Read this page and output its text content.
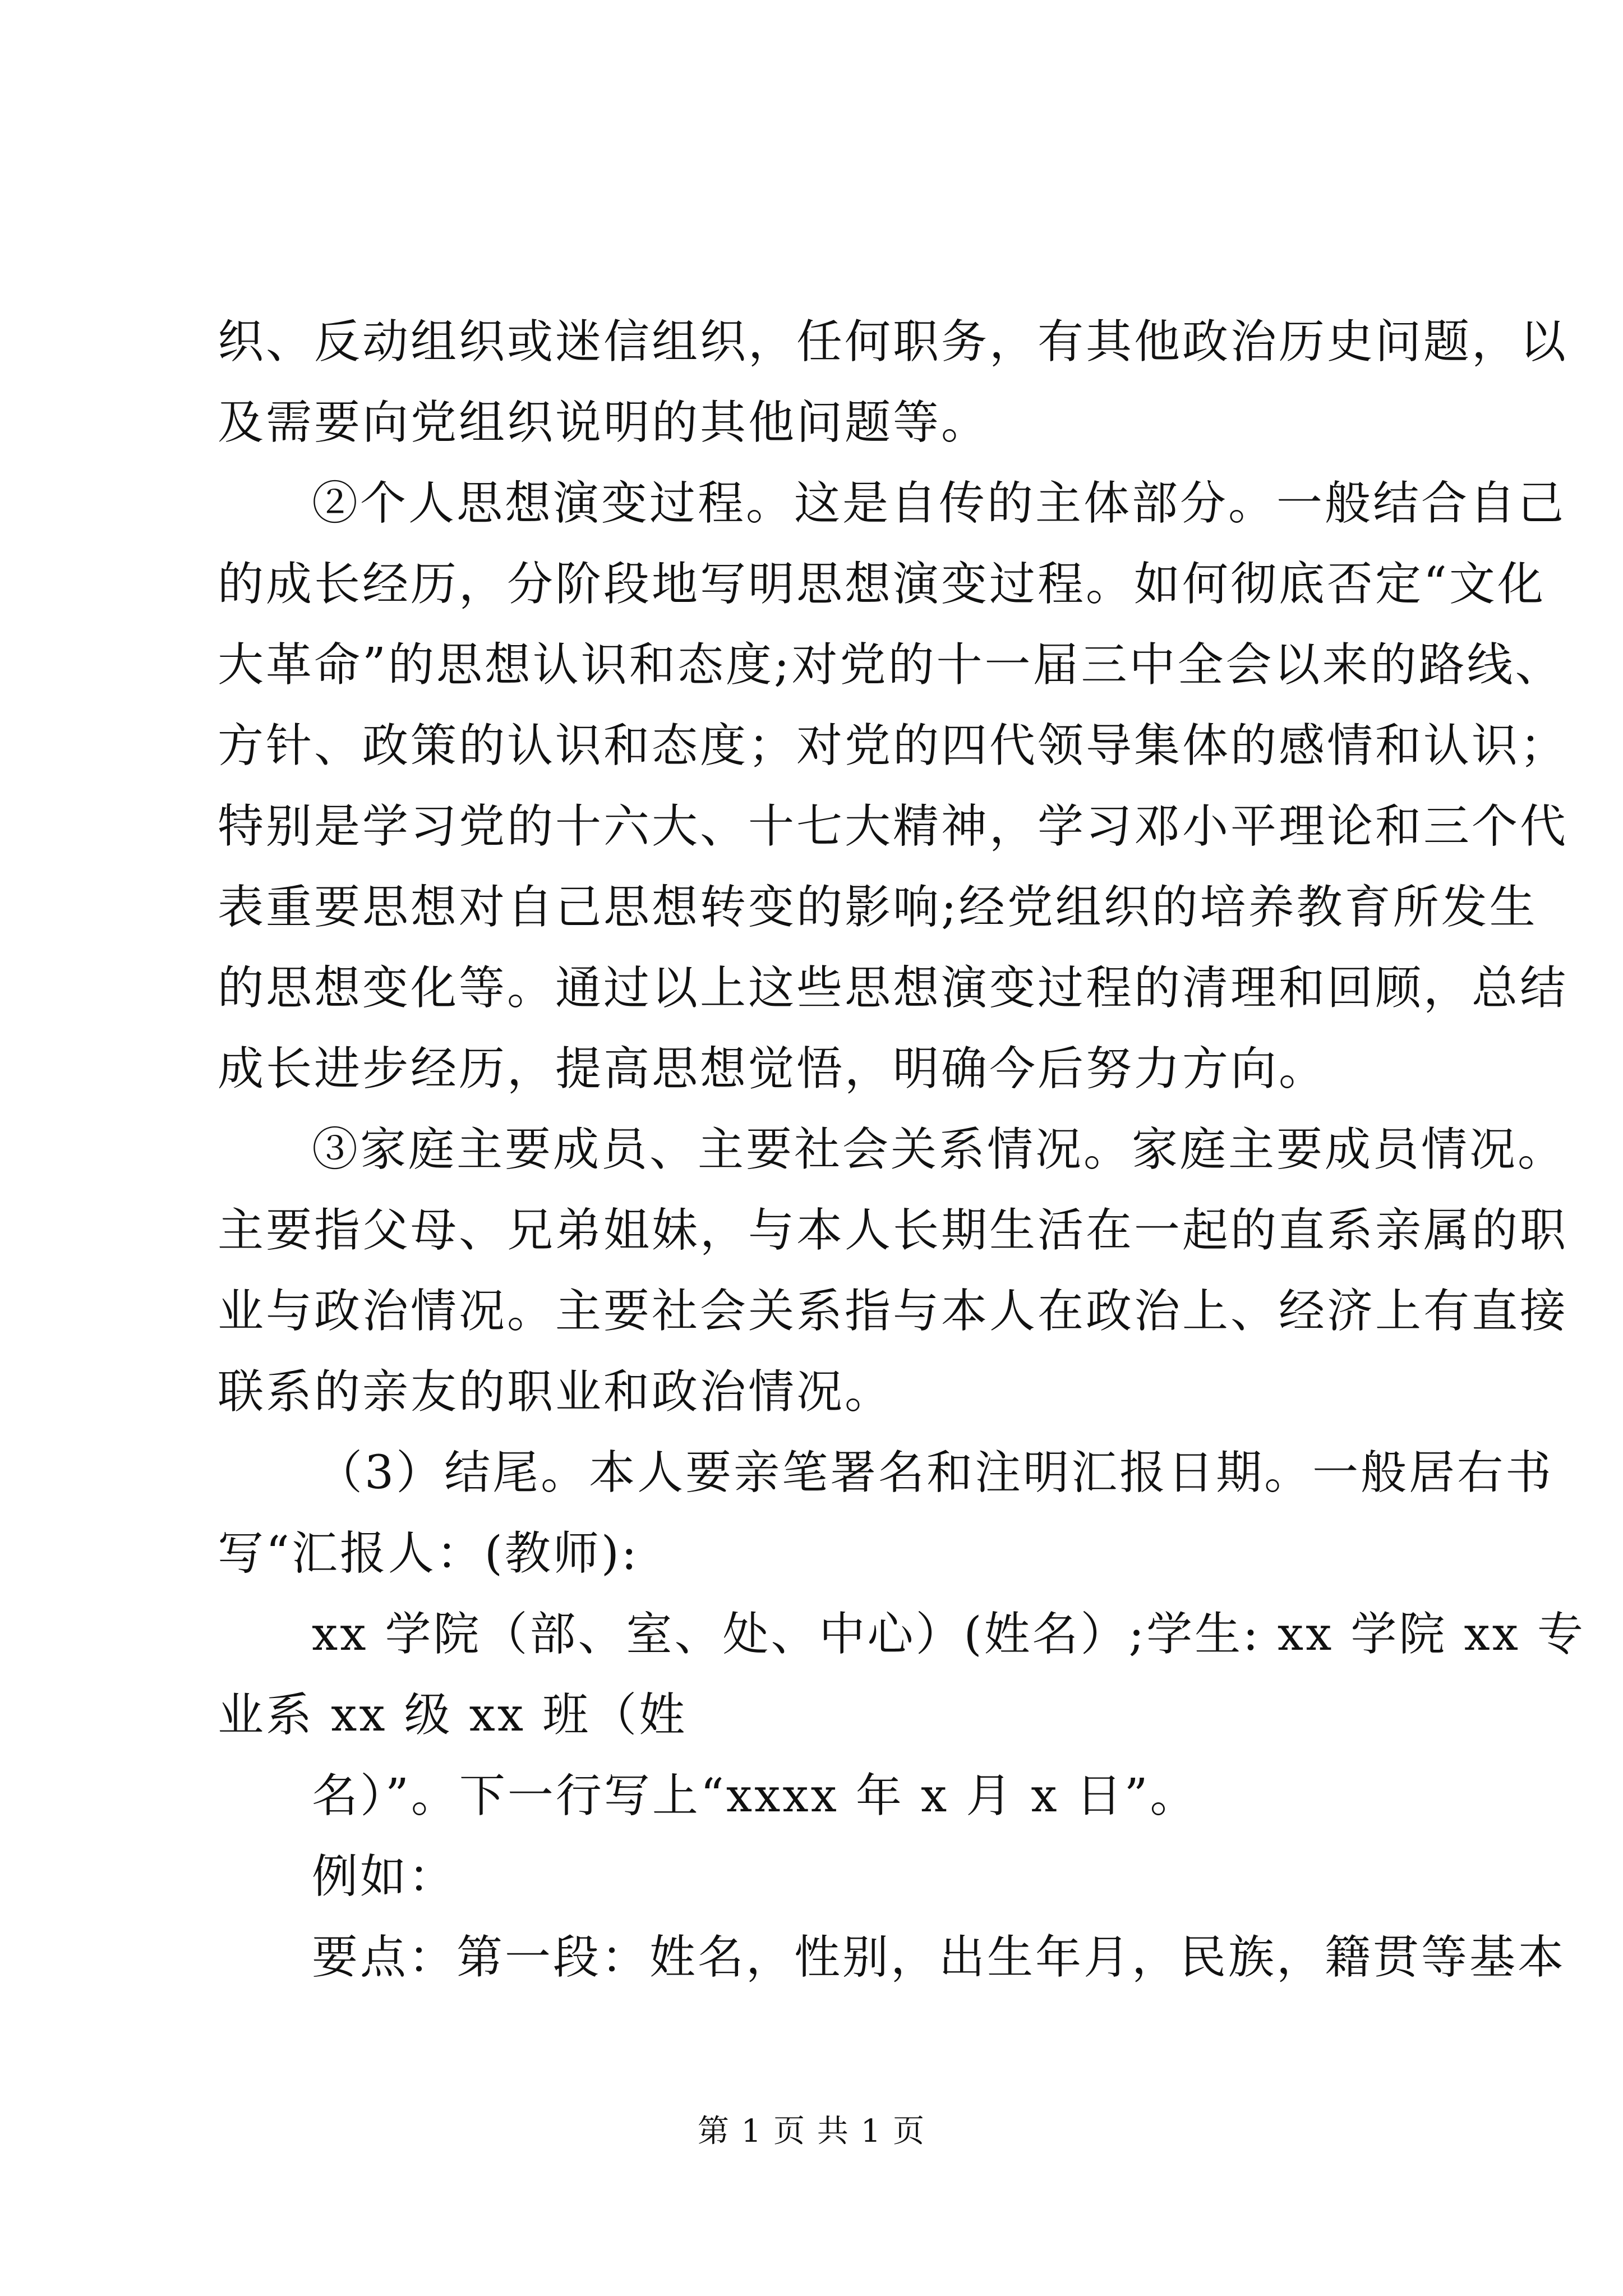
织、反动组织或迷信组织，任何职务，有其他政治历史问题，以
及需要向党组织说明的其他问题等。
②个人思想演变过程。这是自传的主体部分。一般结合自己
的成长经历，分阶段地写明思想演变过程。如何彻底否定“文化
大革命”的思想认识和态度;对党的十一届三中全会以来的路线、
方针、政策的认识和态度；对党的四代领导集体的感情和认识；
特别是学习党的十六大、十七大精神，学习邓小平理论和三个代
表重要思想对自己思想转变的影响;经党组织的培养教育所发生
的思想变化等。通过以上这些思想演变过程的清理和回顾，总结
成长进步经历，提高思想觉悟，明确今后努力方向。
③家庭主要成员、主要社会关系情况。家庭主要成员情况。
主要指父母、兄弟姐妹，与本人长期生活在一起的直系亲属的职
业与政治情况。主要社会关系指与本人在政治上、经济上有直接
联系的亲友的职业和政治情况。
（3）结尾。本人要亲笔署名和注明汇报日期。一般居右书
写“汇报人：(教师):
xx 学院（部、室、处、中心）(姓名）;学生: xx 学院 xx 专
业系 xx 级 xx 班（姓
名）”。下一行写上“xxxx 年 x 月 x 日”。
例如：
要点：第一段：姓名，性别，出生年月，民族，籍贯等基本
第 1 页 共 1 页
